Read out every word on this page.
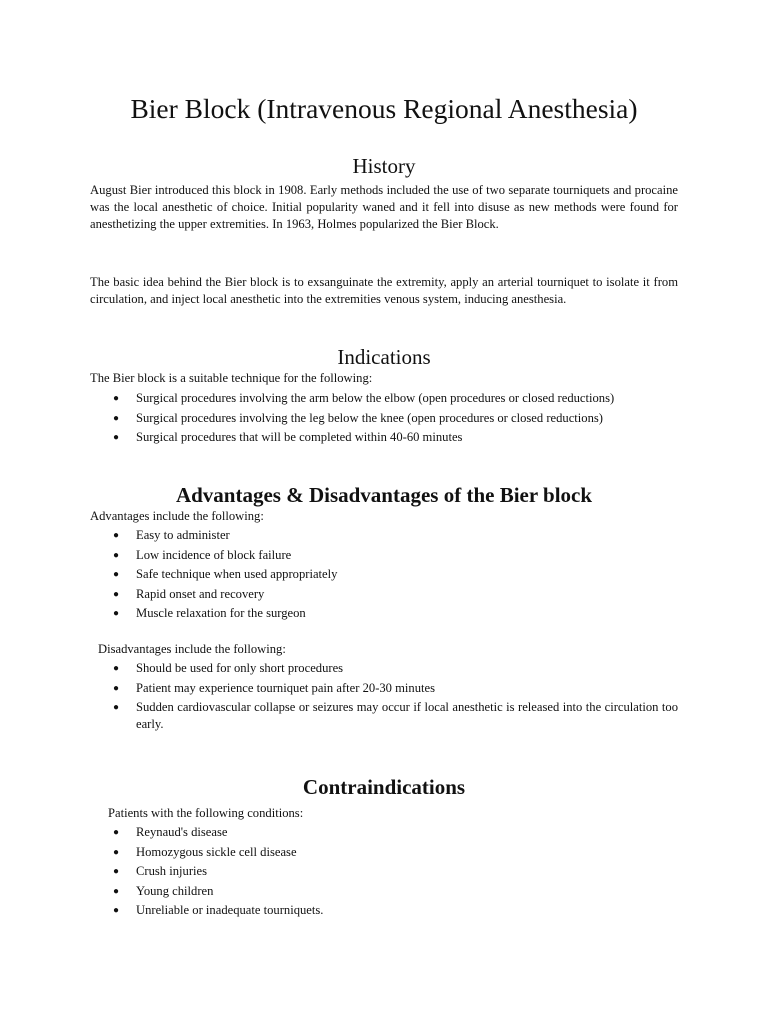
Bier Block (Intravenous Regional Anesthesia)
History

August Bier introduced this block in 1908. Early methods included the use of two separate tourniquets and procaine was the local anesthetic of choice. Initial popularity waned and it fell into disuse as new methods were found for anesthetizing the upper extremities. In 1963, Holmes popularized the Bier Block.

The basic idea behind the Bier block is to exsanguinate the extremity, apply an arterial tourniquet to isolate it from circulation, and inject local anesthetic into the extremities venous system, inducing anesthesia.

Indications

The Bier block is a suitable technique for the following:

● Surgical procedures involving the arm below the elbow (open procedures or closed reductions)
● Surgical procedures involving the leg below the knee (open procedures or closed reductions)
● Surgical procedures that will be completed within 40-60 minutes
Advantages & Disadvantages of the Bier block

Advantages include the following:

● Easy to administer
● Low incidence of block failure
● Safe technique when used appropriately
● Rapid onset and recovery
● Muscle relaxation for the surgeon

Disadvantages include the following:

● Should be used for only short procedures
● Patient may experience tourniquet pain after 20-30 minutes
● Sudden cardiovascular collapse or seizures may occur if local anesthetic is released into the circulation too early.
Contraindications

Patients with the following conditions:

● Reynaud's disease
● Homozygous sickle cell disease
● Crush injuries
● Young children
● Unreliable or inadequate tourniquets.
